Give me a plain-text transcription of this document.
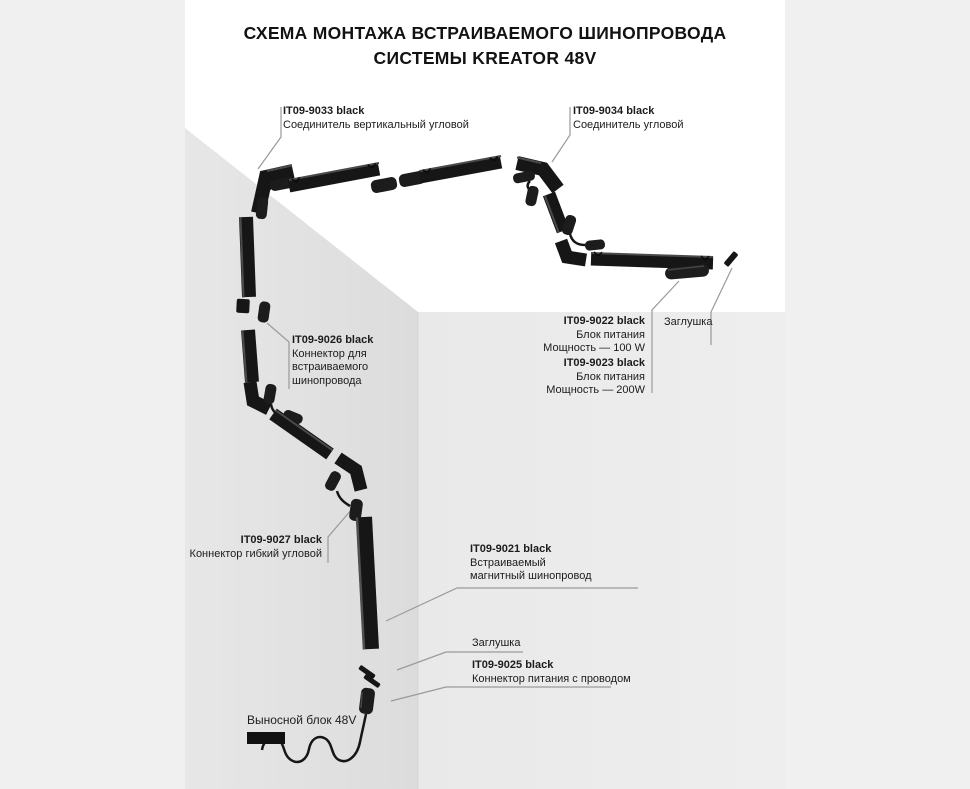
СХЕМА МОНТАЖА ВСТРАИВАЕМОГО ШИНОПРОВОДА
СИСТЕМЫ KREATOR 48V
IT09-9033 black
Соединитель вертикальный угловой
IT09-9034 black
Соединитель угловой
IT09-9022 black
Блок питания
Мощность — 100 W
IT09-9023 black
Блок питания
Мощность — 200W
Заглушка
IT09-9026 black
Коннектор для
встраиваемого
шинопровода
IT09-9027 black
Коннектор гибкий угловой	IT09-9021 black
Встраиваемый
магнитный шинопровод
Заглушка
IT09-9025 black
Коннектор питания с проводом
Выносной блок 48V
